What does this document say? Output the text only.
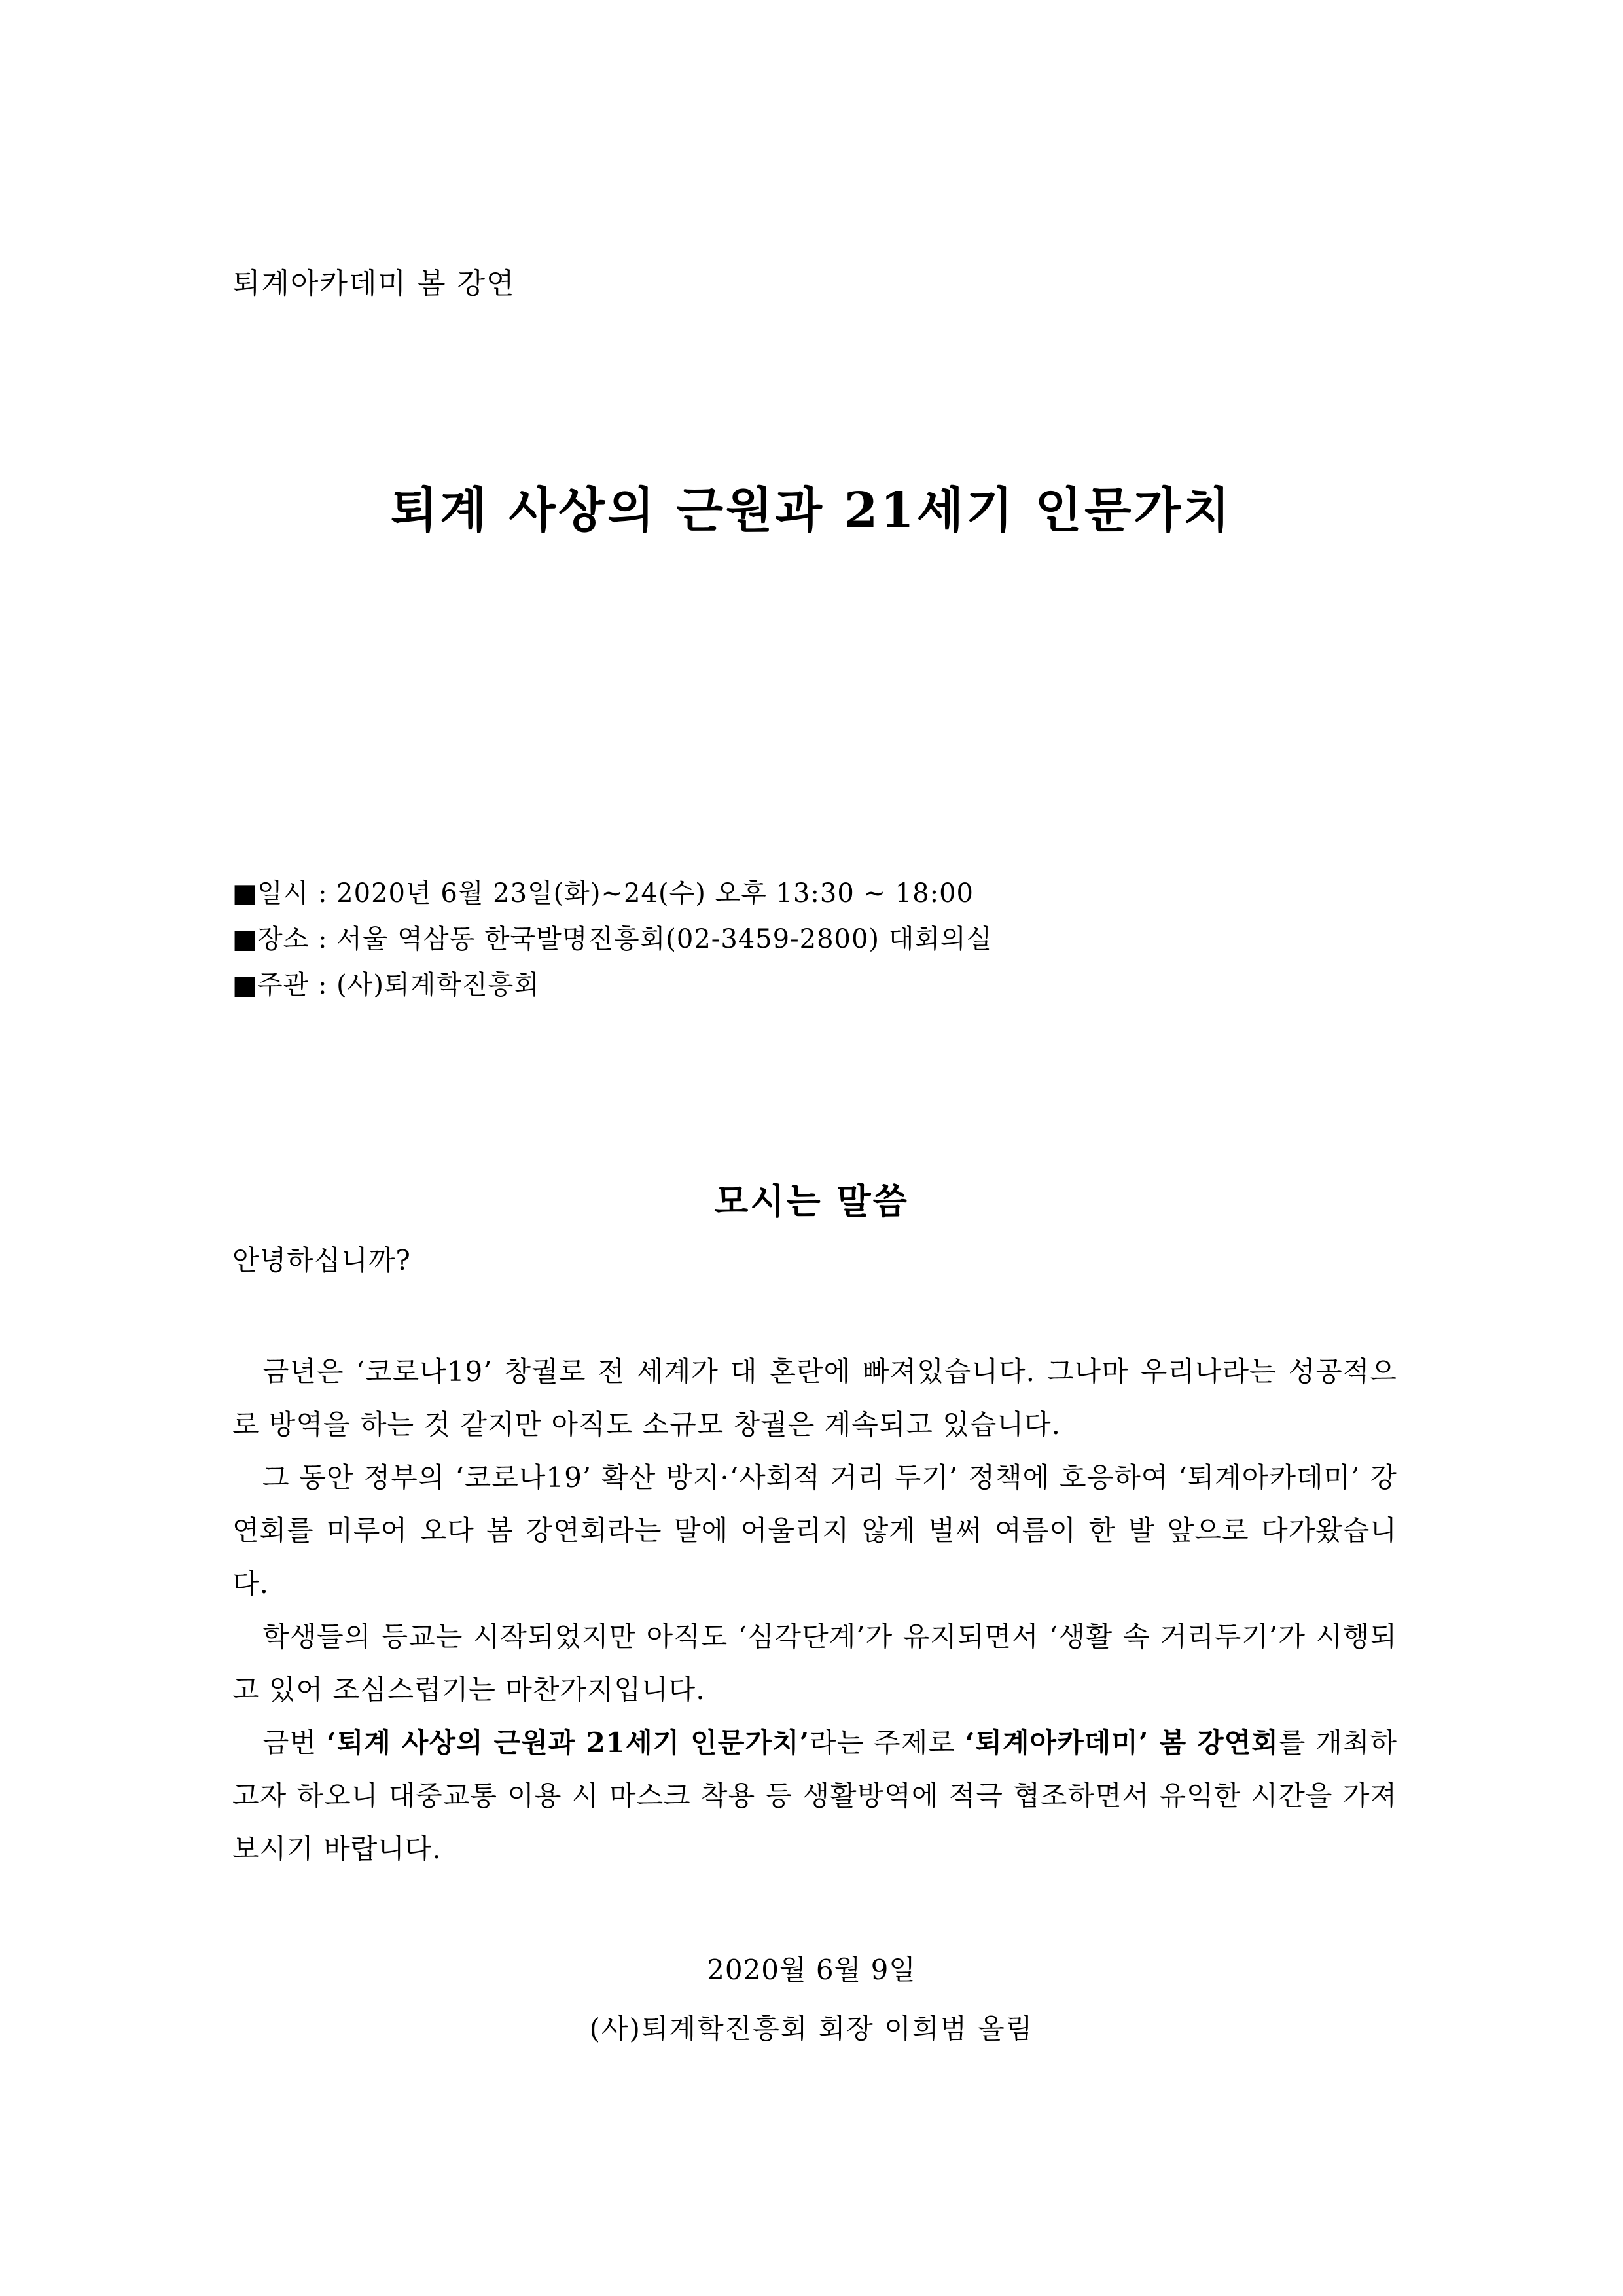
퇴계아카데미 봄 강연
퇴계 사상의 근원과 21세기 인문가치
■일시 : 2020년 6월 23일(화)~24(수) 오후 13:30 ~ 18:00
■장소 : 서울 역삼동 한국발명진흥회(02-3459-2800) 대회의실
■주관 : (사)퇴계학진흥회
모시는 말씀
안녕하십니까?

금년은 ‘코로나19’ 창궐로 전 세계가 대 혼란에 빠져있습니다. 그나마 우리나라는 성공적으로 방역을 하는 것 같지만 아직도 소규모 창궐은 계속되고 있습니다.

그 동안 정부의 ‘코로나19’ 확산 방지·‘사회적 거리 두기’ 정책에 호응하여 ‘퇴계아카데미’ 강연회를 미루어 오다 봄 강연회라는 말에 어울리지 않게 벌써 여름이 한 발 앞으로 다가왔습니다.

학생들의 등교는 시작되었지만 아직도 ‘심각단계’가 유지되면서 ‘생활 속 거리두기’가 시행되고 있어 조심스럽기는 마찬가지입니다.

금번 ‘퇴계 사상의 근원과 21세기 인문가치’라는 주제로 ‘퇴계아카데미’ 봄 강연회를 개최하고자 하오니 대중교통 이용 시 마스크 착용 등 생활방역에 적극 협조하면서 유익한 시간을 가져보시기 바랍니다.

2020월 6월 9일
(사)퇴계학진흥회 회장 이희범 올림
